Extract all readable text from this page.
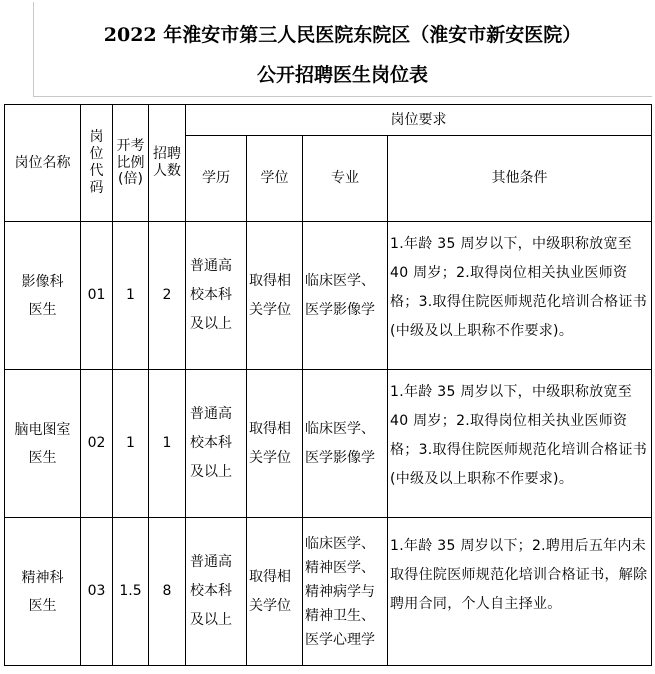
2022 年淮安市第三人民医院东院区（淮安市新安医院）
公开招聘医生岗位表
岗位名称	岗位代码	开考比例(倍)	招聘人数	岗位要求			
				学历	学位	专业	其他条件
影像科医生	01	1	2	普通高校本科及以上	取得相关学位	临床医学、医学影像学	1.年龄 35 周岁以下，中级职称放宽至 40 周岁；2.取得岗位相关执业医师资格；3.取得住院医师规范化培训合格证书(中级及以上职称不作要求)。
脑电图室医生	02	1	1	普通高校本科及以上	取得相关学位	临床医学、医学影像学	1.年龄 35 周岁以下，中级职称放宽至 40 周岁；2.取得岗位相关执业医师资格；3.取得住院医师规范化培训合格证书(中级及以上职称不作要求)。
精神科医生	03	1.5	8	普通高校本科及以上	取得相关学位	临床医学、精神医学、精神病学与精神卫生、医学心理学	1.年龄 35 周岁以下；2.聘用后五年内未取得住院医师规范化培训合格证书，解除聘用合同，个人自主择业。
